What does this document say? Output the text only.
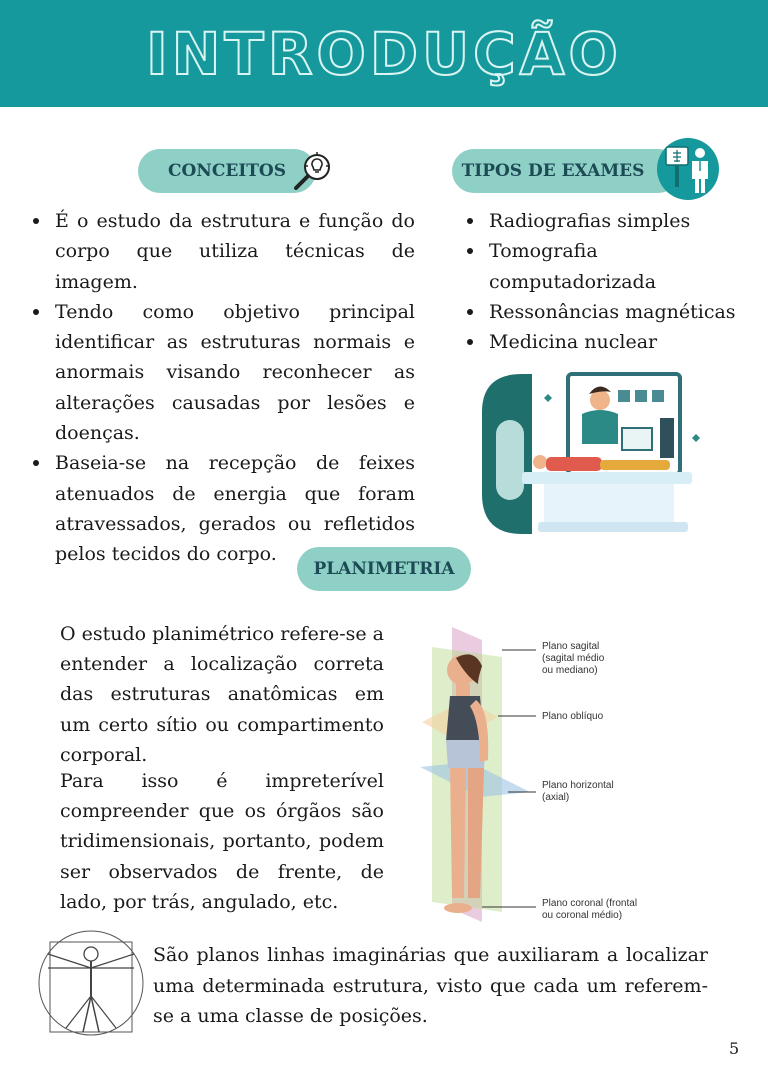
INTRODUÇÃO
CONCEITOS
É o estudo da estrutura e função do corpo que utiliza técnicas de imagem.
Tendo como objetivo principal identificar as estruturas normais e anormais visando reconhecer as alterações causadas por lesões e doenças.
Baseia-se na recepção de feixes atenuados de energia que foram atravessados, gerados ou refletidos pelos tecidos do corpo.
TIPOS DE EXAMES
Radiografias simples
Tomografia computadorizada
Ressonâncias magnéticas
Medicina nuclear
PLANIMETRIA

O estudo planimétrico refere-se a entender a localização correta das estruturas anatômicas em um certo sítio ou compartimento corporal.

Para isso é impreterível compreender que os órgãos são tridimensionais, portanto, podem ser observados de frente, de lado, por trás, angulado, etc.

Plano sagital
(sagital médio
ou mediano)
Plano oblíquo
Plano horizontal
(axial)
Plano coronal (frontal
ou coronal médio)

São planos linhas imaginárias que auxiliaram a localizar uma determinada estrutura, visto que cada um referem-se a uma classe de posições.

5
